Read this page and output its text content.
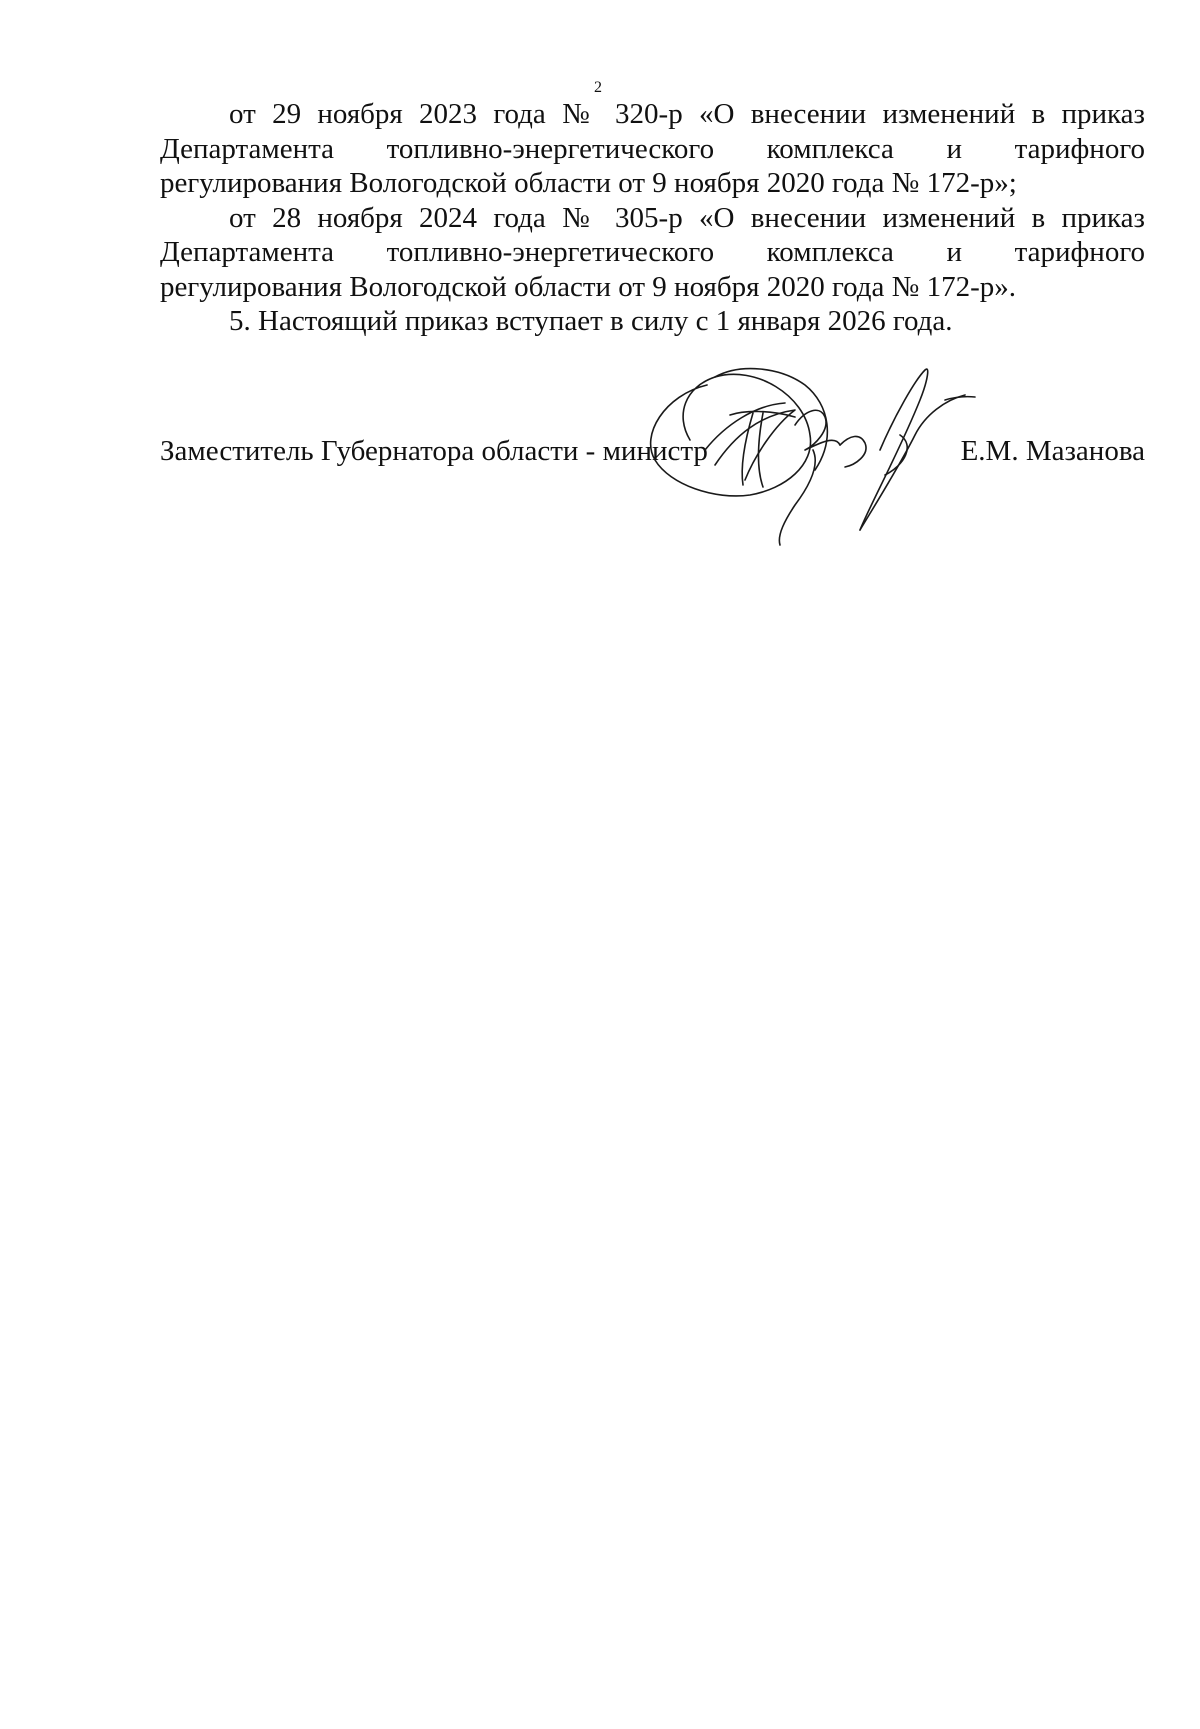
2
от 29 ноября 2023 года № 320-р «О внесении изменений в приказ
Департамента топливно-энергетического комплекса и тарифного
регулирования Вологодской области от 9 ноября 2020 года № 172-р»;
от 28 ноября 2024 года № 305-р «О внесении изменений в приказ
Департамента топливно-энергетического комплекса и тарифного
регулирования Вологодской области от 9 ноября 2020 года № 172-р».

5. Настоящий приказ вступает в силу с 1 января 2026 года.

Заместитель Губернатора области - министр	Е.М. Мазанова
